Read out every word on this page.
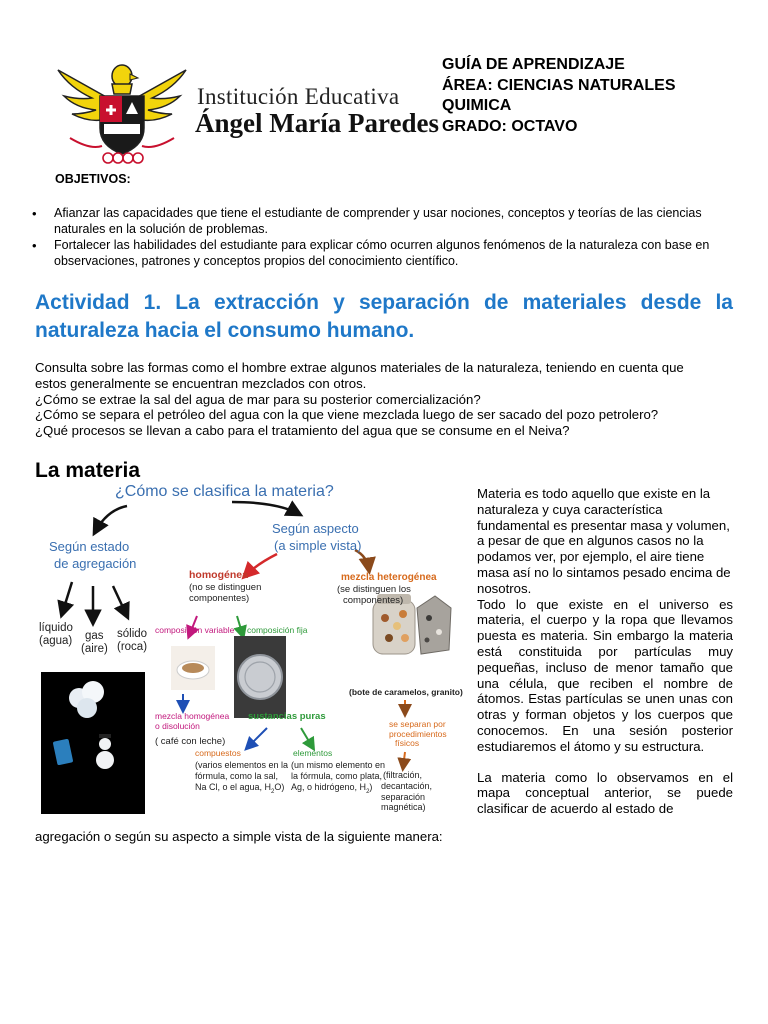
Institución Educativa
Ángel María Paredes
GUÍA DE APRENDIZAJE
ÁREA: CIENCIAS NATURALES
QUIMICA
GRADO: OCTAVO
OBJETIVOS:
• Afianzar las capacidades que tiene el estudiante de comprender y usar nociones, conceptos y teorías de las ciencias naturales en la solución de problemas.
• Fortalecer las habilidades del estudiante para explicar cómo ocurren algunos fenómenos de la naturaleza con base en observaciones, patrones y conceptos propios del conocimiento científico.
Actividad 1. La extracción y separación de materiales desde la naturaleza hacia el consumo humano.
Consulta sobre las formas como el hombre extrae algunos materiales de la naturaleza, teniendo en cuenta que
estos generalmente se encuentran mezclados con otros.
¿Cómo se extrae la sal del agua de mar para su posterior comercialización?
¿Cómo se separa el petróleo del agua con la que viene mezclada luego de ser sacado del pozo petrolero?
¿Qué procesos se llevan a cabo para el tratamiento del agua que se consume en el Neiva?
La materia
¿Cómo se clasifica la materia?
Según estado
de agregación
Según aspecto
(a simple vista)
líquido
(agua)	gas
(aire)
sólido
(roca)
homogénea
(no se distinguen
componentes)
mezcla heterogénea
(se distinguen los
componentes)
composición variable composición fija
mezcla homogénea
o disolución
( café con leche)
sustancias puras
(bote de caramelos, granito)
se separan por
procedimientos
físicos
compuestos
(varios elementos en la
fórmula, como la sal,
Na Cl, o el agua, $H_2O$)
elementos
(un mismo elemento en
la fórmula, como plata,
Ag, o hidrógeno, $H_2$)
(filtración,
decantación,
separación
magnética)

Materia es todo aquello que existe en la naturaleza y cuya característica fundamental es presentar masa y volumen, a pesar de que en algunos casos no la podamos ver, por ejemplo, el aire tiene masa así no lo sintamos pesado encima de nosotros.

Todo lo que existe en el universo es materia, el cuerpo y la ropa que llevamos puesta es materia. Sin embargo la materia está constituida por partículas muy pequeñas, incluso de menor tamaño que una célula, que reciben el nombre de átomos. Estas partículas se unen unas con otras y forman objetos y los cuerpos que conocemos. En una sesión posterior estudiaremos el átomo y su estructura.

La materia como lo observamos en el mapa conceptual anterior, se puede clasificar de acuerdo al estado de

agregación o según su aspecto a simple vista de la siguiente manera:
